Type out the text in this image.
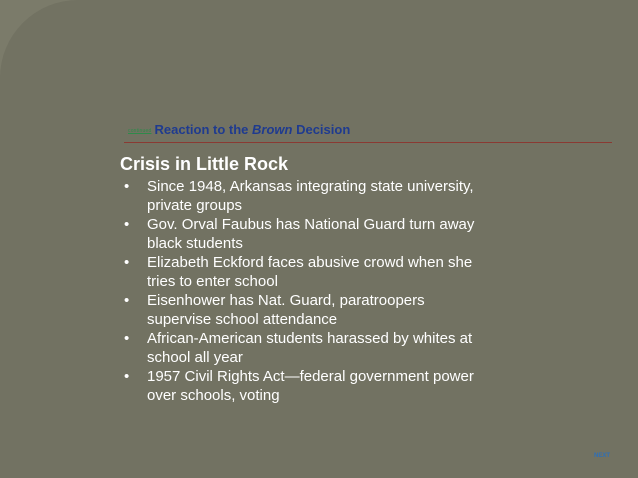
continued Reaction to the Brown Decision
Crisis in Little Rock
• Since 1948, Arkansas integrating state university,
private groups
• Gov. Orval Faubus has National Guard turn away
black students
• Elizabeth Eckford faces abusive crowd when she
tries to enter school
• Eisenhower has Nat. Guard, paratroopers
supervise school attendance
• African-American students harassed by whites at
school all year
• 1957 Civil Rights Act—federal government power
over schools, voting
NEXT
